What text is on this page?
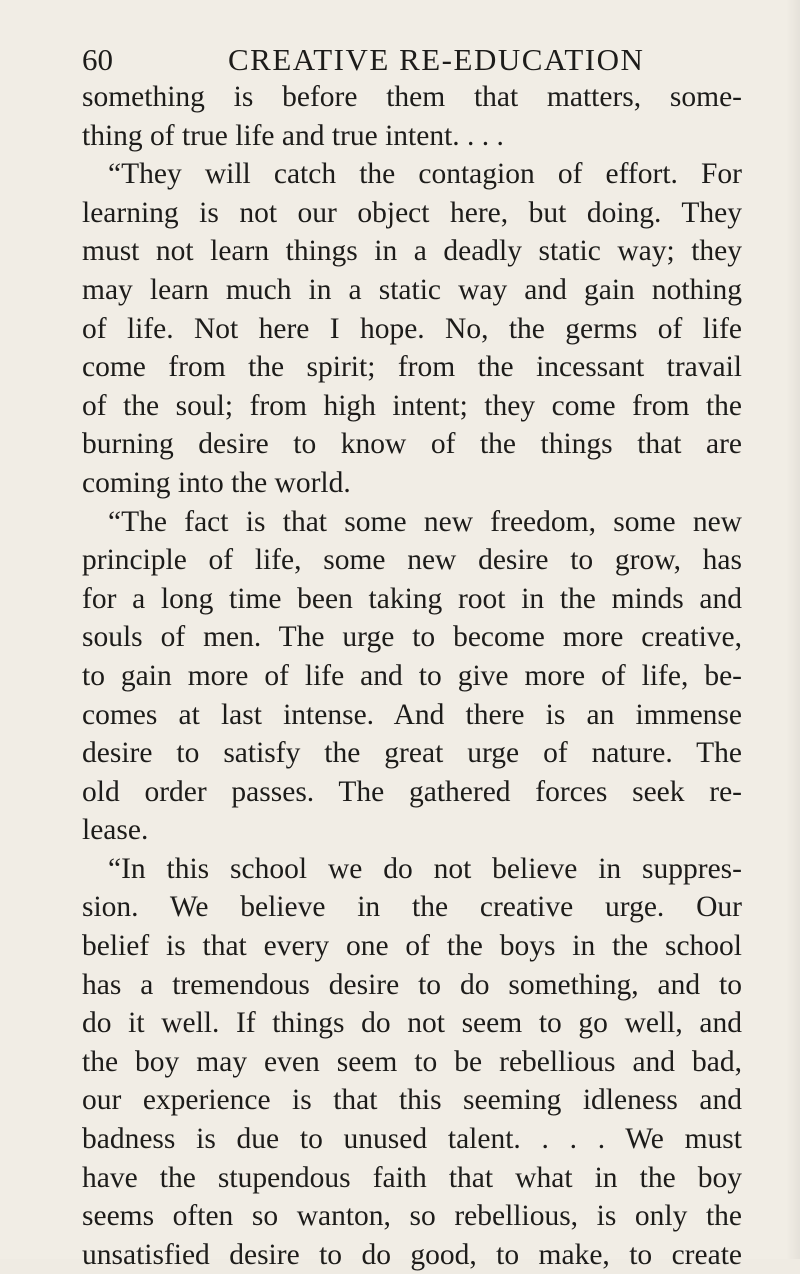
60	CREATIVE RE-EDUCATION
something is before them that matters, some-
thing of true life and true intent. . . .
“They will catch the contagion of effort. For
learning is not our object here, but doing. They
must not learn things in a deadly static way; they
may learn much in a static way and gain nothing
of life. Not here I hope. No, the germs of life
come from the spirit; from the incessant travail
of the soul; from high intent; they come from the
burning desire to know of the things that are
coming into the world.
“The fact is that some new freedom, some new
principle of life, some new desire to grow, has
for a long time been taking root in the minds and
souls of men. The urge to become more creative,
to gain more of life and to give more of life, be-
comes at last intense. And there is an immense
desire to satisfy the great urge of nature. The
old order passes. The gathered forces seek re-
lease.
“In this school we do not believe in suppres-
sion. We believe in the creative urge. Our
belief is that every one of the boys in the school
has a tremendous desire to do something, and to
do it well. If things do not seem to go well, and
the boy may even seem to be rebellious and bad,
our experience is that this seeming idleness and
badness is due to unused talent. . . . We must
have the stupendous faith that what in the boy
seems often so wanton, so rebellious, is only the
unsatisfied desire to do good, to make, to create
